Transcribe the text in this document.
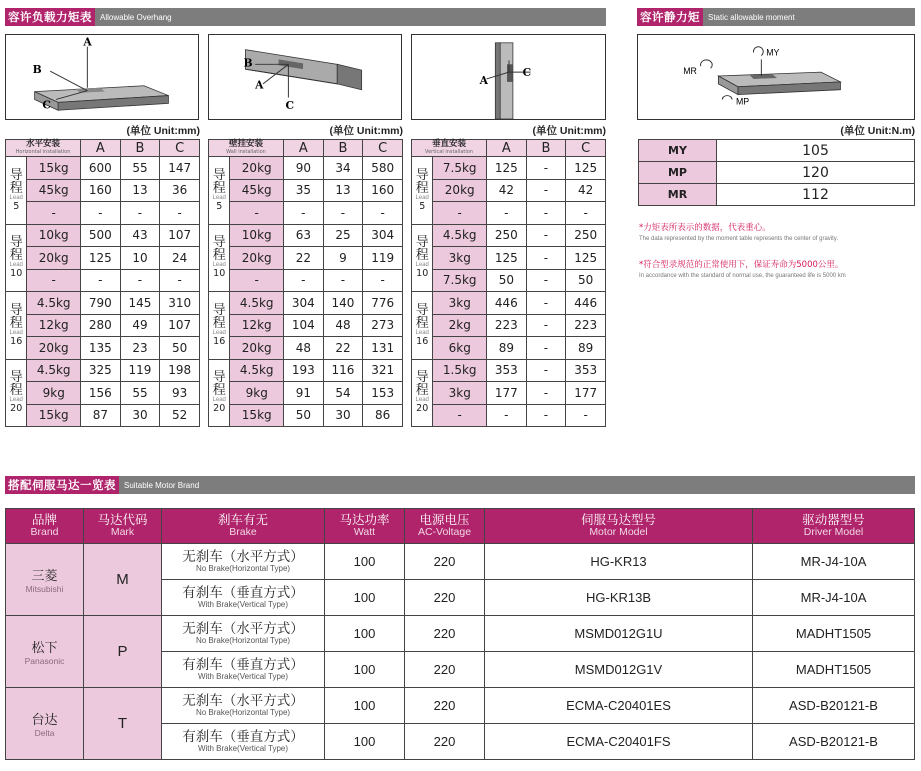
容许负载力矩表	Allowable Overhang	容许静力矩	Static allowable moment
搭配伺服马达一览表	Suitable Motor Brand
A
B
C
B
A
C
A
C
MY
MP
MR
(单位 Unit:mm)	(单位 Unit:mm)	(单位 Unit:mm)	(单位 Unit:N.m)
水平安装
Horizontal installation		A	B	C

导程
Lead
5	15kg	600	55	147
	45kg	160	13	36
	-	-	-	-

导程
Lead
10	10kg	500	43	107
	20kg	125	10	24
	-	-	-	-

导程
Lead
16	4.5kg	790	145	310
	12kg	280	49	107
	20kg	135	23	50

导程
Lead
20	4.5kg	325	119	198
	9kg	156	55	93
	15kg	87	30	52
壁挂安装
Wall installation		A	B	C

导程
Lead
5	20kg	90	34	580
	45kg	35	13	160
	-	-	-	-

导程
Lead
10	10kg	63	25	304
	20kg	22	9	119
	-	-	-	-

导程
Lead
16	4.5kg	304	140	776
	12kg	104	48	273
	20kg	48	22	131

导程
Lead
20	4.5kg	193	116	321
	9kg	91	54	153
	15kg	50	30	86
垂直安装
Vertical installation		A	B	C

导程
Lead
5	7.5kg	125	-	125
	20kg	42	-	42
	-	-	-	-

导程
Lead
10	4.5kg	250	-	250
	3kg	125	-	125
	7.5kg	50	-	50

导程
Lead
16	3kg	446	-	446
	2kg	223	-	223
	6kg	89	-	89

导程
Lead
20	1.5kg	353	-	353
	3kg	177	-	177
	-	-	-	-
MY	105
MP	120
MR	112
*力矩表所表示的数据，代表重心。
The data represented by the moment table represents the center of gravity.
*符合型录规范的正常使用下，保证寿命为5000公里。
In accordance with the standard of normal use, the guaranteed life is 5000 km
品牌
Brand	马达代码
Mark	刹车有无
Brake	马达功率
Watt	电源电压
AC-Voltage	伺服马达型号
Motor Model	驱动器型号
Driver Model

三菱
Mitsubishi	M	无刹车（水平方式）
No Brake(Horizontal Type)	100	220	HG-KR13	MR-J4-10A
		有刹车（垂直方式）
With Brake(Vertical Type)	100	220	HG-KR13B	MR-J4-10A
松下
Panasonic	P	无刹车（水平方式）
No Brake(Horizontal Type)	100	220	MSMD012G1U	MADHT1505
		有刹车（垂直方式）
With Brake(Vertical Type)	100	220	MSMD012G1V	MADHT1505
台达
Delta	T	无刹车（水平方式）
No Brake(Horizontal Type)	100	220	ECMA-C20401ES	ASD-B20121-B
		有刹车（垂直方式）
With Brake(Vertical Type)	100	220	ECMA-C20401FS	ASD-B20121-B
